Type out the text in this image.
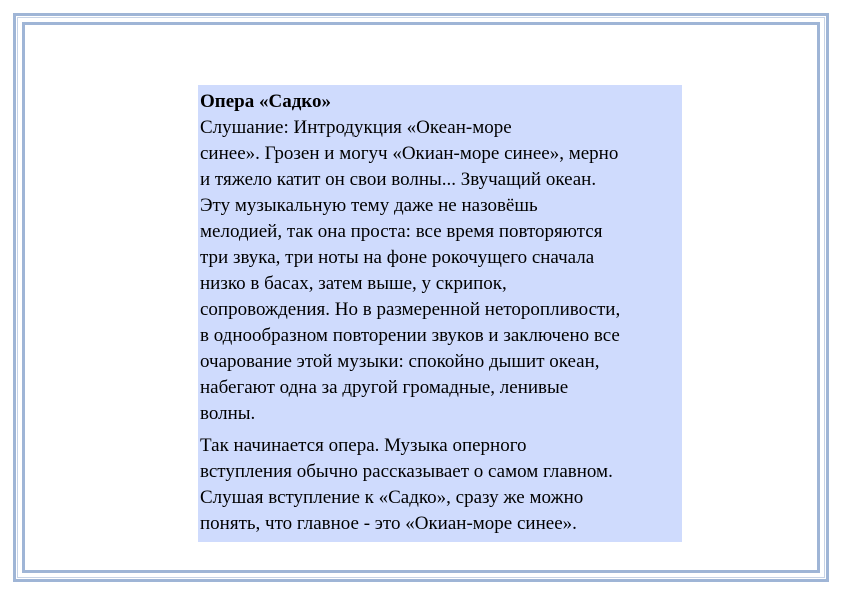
Опера «Садко»
Слушание: Интродукция «Океан-море
синее». Грозен и могуч «Окиан-море синее», мерно
и тяжело катит он свои волны... Звучащий океан.
Эту музыкальную тему даже не назовёшь
мелодией, так она проста: все время повторяются
три звука, три ноты на фоне рокочущего сначала
низко в басах, затем выше, у скрипок,
сопровождения. Но в размеренной неторопливости,
в однообразном повторении звуков и заключено все
очарование этой музыки: спокойно дышит океан,
набегают одна за другой громадные, ленивые
волны.
Так начинается опера. Музыка оперного
вступления обычно рассказывает о самом главном.
Слушая вступление к «Садко», сразу же можно
понять, что главное - это «Окиан-море синее».
